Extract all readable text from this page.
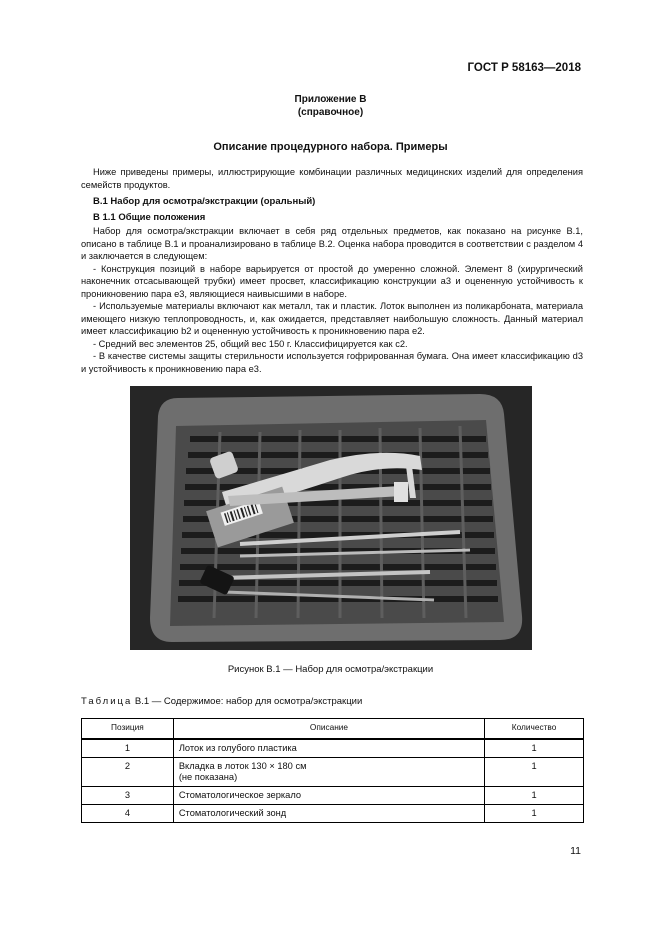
ГОСТ Р 58163—2018
Приложение В
(справочное)
Описание процедурного набора. Примеры

Ниже приведены примеры, иллюстрирующие комбинации различных медицинских изделий для определения семейств продуктов.

В.1 Набор для осмотра/экстракции (оральный)
В 1.1 Общие положения

Набор для осмотра/экстракции включает в себя ряд отдельных предметов, как показано на рисунке В.1, описано в таблице В.1 и проанализировано в таблице В.2. Оценка набора проводится в соответствии с разделом 4 и заключается в следующем:

- Конструкция позиций в наборе варьируется от простой до умеренно сложной. Элемент 8 (хирургический наконечник отсасывающей трубки) имеет просвет, классификацию конструкции а3 и оцененную устойчивость к проникновению пара е3, являющиеся наивысшими в наборе.

- Используемые материалы включают как металл, так и пластик. Лоток выполнен из поликарбоната, материала имеющего низкую теплопроводность, и, как ожидается, представляет наибольшую сложность. Данный материал имеет классификацию b2 и оцененную устойчивость к проникновению пара е2.

- Средний вес элементов 25, общий вес 150 г. Классифицируется как с2.

- В качестве системы защиты стерильности используется гофрированная бумага. Она имеет классификацию d3 и устойчивость к проникновению пара е3.

Рисунок В.1 — Набор для осмотра/экстракции
Таблица В.1 — Содержимое: набор для осмотра/экстракции
Позиция	Описание	Количество
1	Лоток из голубого пластика	1
2	Вкладка в лоток 130 × 180 см
(не показана)	1
3	Стоматологическое зеркало	1
4	Стоматологический зонд	1
11
